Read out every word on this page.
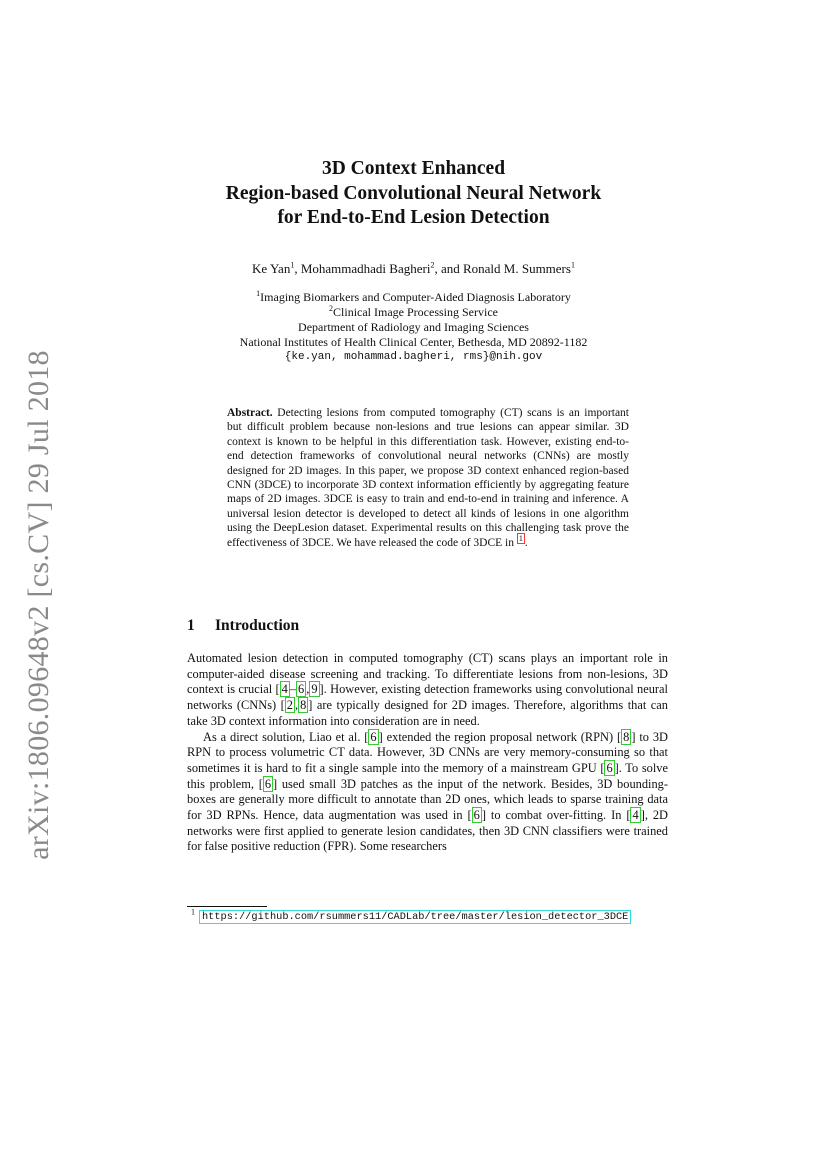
arXiv:1806.09648v2 [cs.CV] 29 Jul 2018
3D Context Enhanced
Region-based Convolutional Neural Network
for End-to-End Lesion Detection
Ke Yan$^1$, Mohammadhadi Bagheri$^2$, and Ronald M. Summers$^1$
$^1$Imaging Biomarkers and Computer-Aided Diagnosis Laboratory
$^2$Clinical Image Processing Service
Department of Radiology and Imaging Sciences
National Institutes of Health Clinical Center, Bethesda, MD 20892-1182
{ke.yan, mohammad.bagheri, rms}@nih.gov
Abstract. Detecting lesions from computed tomography (CT) scans is an important but difficult problem because non-lesions and true lesions can appear similar. 3D context is known to be helpful in this differentiation task. However, existing end-to-end detection frameworks of convolutional neural networks (CNNs) are mostly designed for 2D images. In this paper, we propose 3D context enhanced region-based CNN (3DCE) to incorporate 3D context information efficiently by aggregating feature maps of 2D images. 3DCE is easy to train and end-to-end in training and inference. A universal lesion detector is developed to detect all kinds of lesions in one algorithm using the DeepLesion dataset. Experimental results on this challenging task prove the effectiveness of 3DCE. We have released the code of 3DCE in $^1$ .
1 Introduction

Automated lesion detection in computed tomography (CT) scans plays an important role in computer-aided disease screening and tracking. To differentiate lesions from non-lesions, 3D context is crucial [ 4 – 6 , 9 ]. However, existing detection frameworks using convolutional neural networks (CNNs) [ 2 , 8 ] are typically designed for 2D images. Therefore, algorithms that can take 3D context information into consideration are in need.

As a direct solution, Liao et al. [ 6 ] extended the region proposal network (RPN) [ 8 ] to 3D RPN to process volumetric CT data. However, 3D CNNs are very memory-consuming so that sometimes it is hard to fit a single sample into the memory of a mainstream GPU [ 6 ]. To solve this problem, [ 6 ] used small 3D patches as the input of the network. Besides, 3D bounding-boxes are generally more difficult to annotate than 2D ones, which leads to sparse training data for 3D RPNs. Hence, data augmentation was used in [ 6 ] to combat over-fitting. In [ 4 ], 2D networks were first applied to generate lesion candidates, then 3D CNN classifiers were trained for false positive reduction (FPR). Some researchers

$^1$ https://github.com/rsummers11/CADLab/tree/master/lesion_detector_3DCE
